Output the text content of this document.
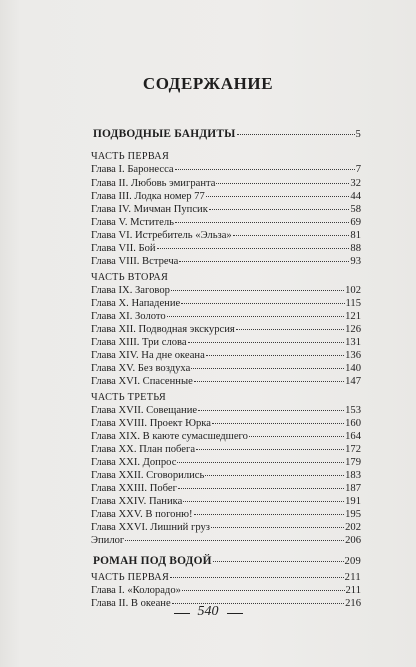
СОДЕРЖАНИЕ
ПОДВОДНЫЕ БАНДИТЫ	5
ЧАСТЬ ПЕРВАЯ
Глава I. Баронесса	7
Глава II. Любовь эмигранта	32
Глава III. Лодка номер 77	44
Глава IV. Мичман Пупсик	58
Глава V. Мститель	69
Глава VI. Истребитель «Эльза»	81
Глава VII. Бой	88
Глава VIII. Встреча	93
ЧАСТЬ ВТОРАЯ
Глава IX. Заговор	102
Глава X. Нападение	115
Глава XI. Золото	121
Глава XII. Подводная экскурсия	126
Глава XIII. Три слова	131
Глава XIV. На дне океана	136
Глава XV. Без воздуха	140
Глава XVI. Спасенные	147
ЧАСТЬ ТРЕТЬЯ
Глава XVII. Совещание	153
Глава XVIII. Проект Юрка	160
Глава XIX. В каюте сумасшедшего	164
Глава XX. План побега	172
Глава XXI. Допрос	179
Глава XXII. Сговорились	183
Глава XXIII. Побег	187
Глава XXIV. Паника	191
Глава XXV. В погоню!	195
Глава XXVI. Лишний груз	202
Эпилог	206
РОМАН ПОД ВОДОЙ	209
ЧАСТЬ ПЕРВАЯ	211
Глава I. «Колорадо»	211
Глава II. В океане	216
540
